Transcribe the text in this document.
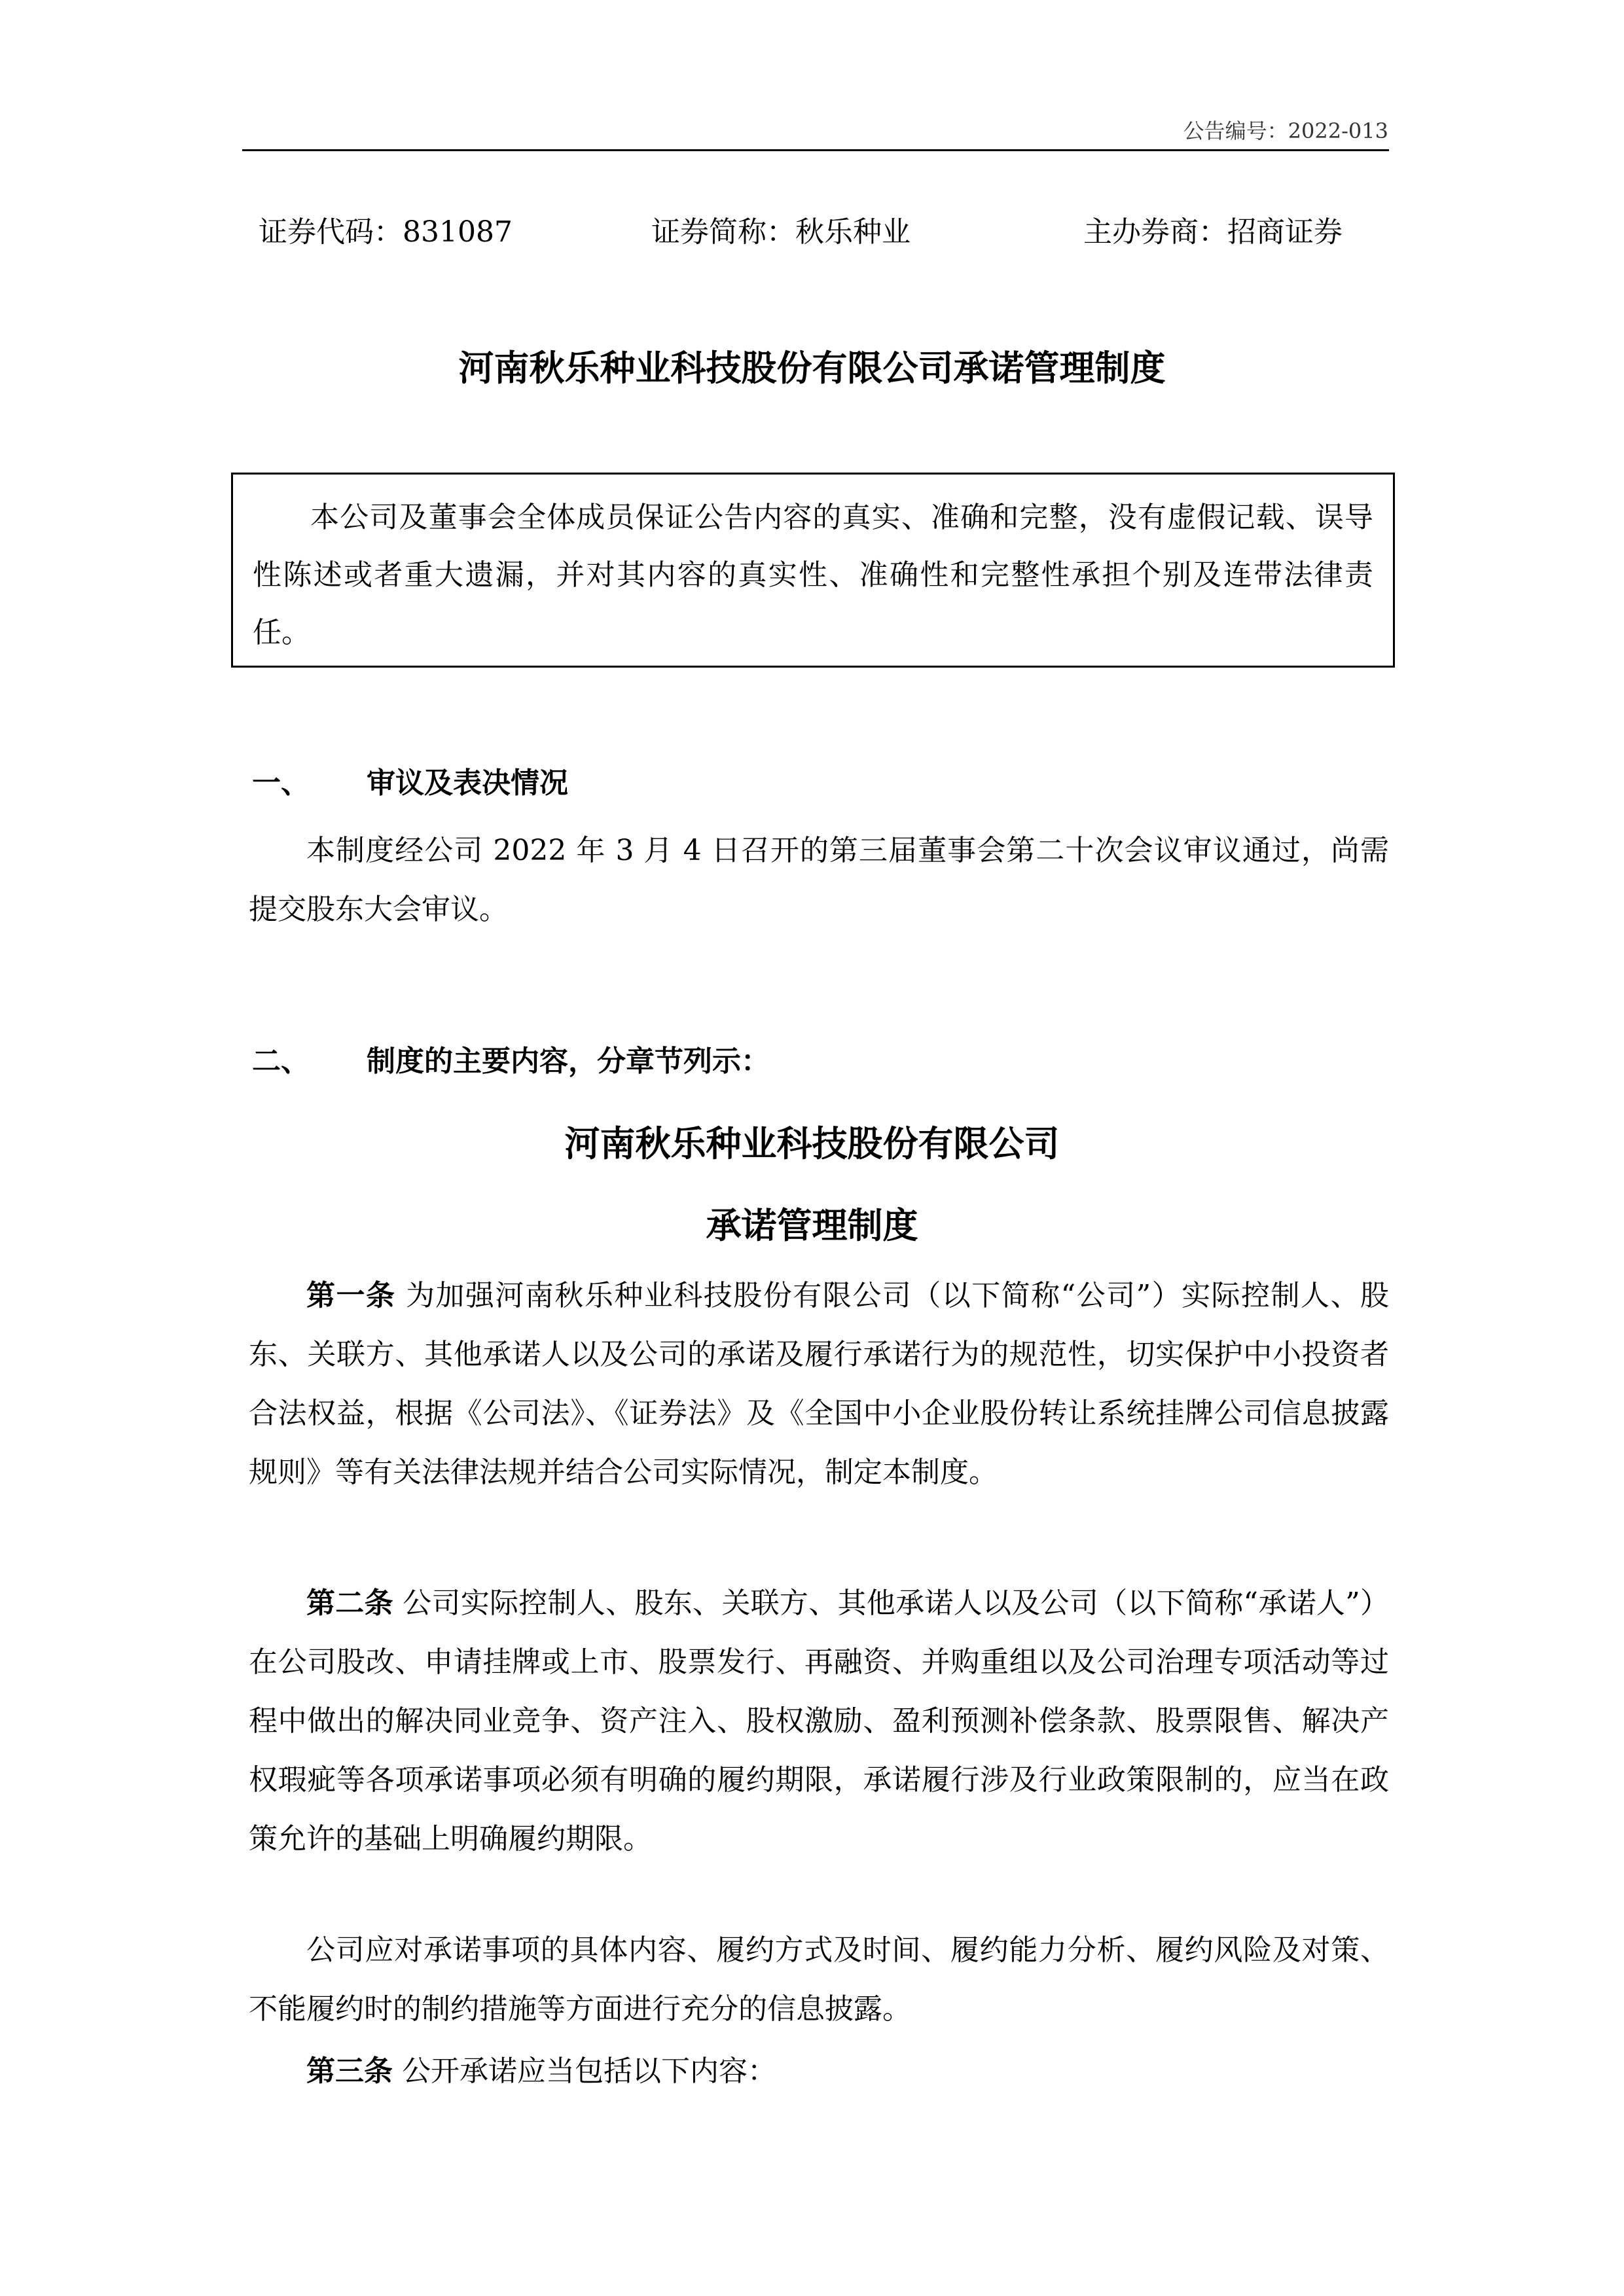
公告编号：2022-013
证券代码：831087	证券简称：秋乐种业	主办券商：招商证券
河南秋乐种业科技股份有限公司承诺管理制度

本公司及董事会全体成员保证公告内容的真实、准确和完整，没有虚假记载、误导性陈述或者重大遗漏，并对其内容的真实性、准确性和完整性承担个别及连带法律责任。

一、 审议及表决情况

本制度经公司 2022 年 3 月 4 日召开的第三届董事会第二十次会议审议通过，尚需提交股东大会审议。

二、 制度的主要内容，分章节列示：
河南秋乐种业科技股份有限公司
承诺管理制度

第一条 为加强河南秋乐种业科技股份有限公司（以下简称“公司”）实际控制人、股东、关联方、其他承诺人以及公司的承诺及履行承诺行为的规范性，切实保护中小投资者合法权益，根据《公司法》、《证券法》及《全国中小企业股份转让系统挂牌公司信息披露规则》等有关法律法规并结合公司实际情况，制定本制度。

第二条 公司实际控制人、股东、关联方、其他承诺人以及公司（以下简称“承诺人”）在公司股改、申请挂牌或上市、股票发行、再融资、并购重组以及公司治理专项活动等过程中做出的解决同业竞争、资产注入、股权激励、盈利预测补偿条款、股票限售、解决产权瑕疵等各项承诺事项必须有明确的履约期限，承诺履行涉及行业政策限制的，应当在政策允许的基础上明确履约期限。

公司应对承诺事项的具体内容、履约方式及时间、履约能力分析、履约风险及对策、不能履约时的制约措施等方面进行充分的信息披露。

第三条 公开承诺应当包括以下内容：
